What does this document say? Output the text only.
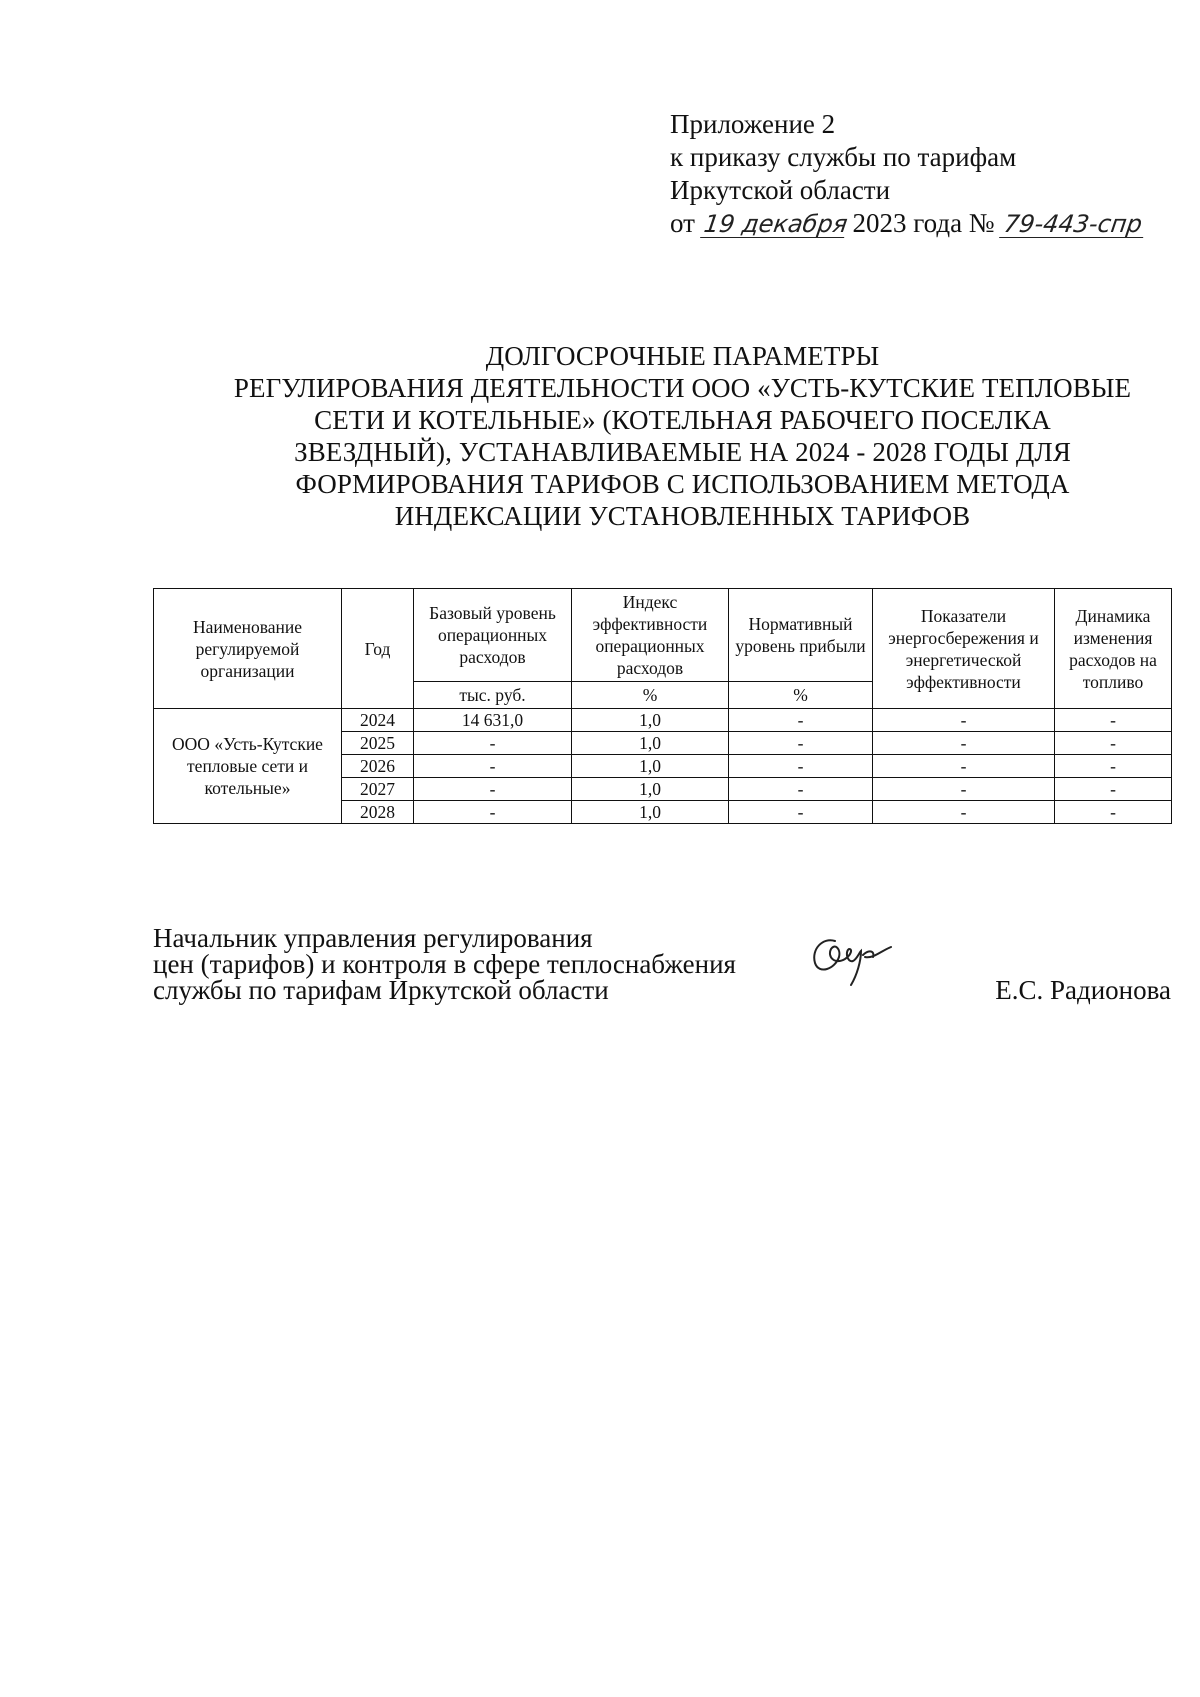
Приложение 2
к приказу службы по тарифам
Иркутской области
от 19 декабря 2023 года № 79-443-спр
ДОЛГОСРОЧНЫЕ ПАРАМЕТРЫ
РЕГУЛИРОВАНИЯ ДЕЯТЕЛЬНОСТИ ООО «УСТЬ-КУТСКИЕ ТЕПЛОВЫЕ
СЕТИ И КОТЕЛЬНЫЕ» (КОТЕЛЬНАЯ РАБОЧЕГО ПОСЕЛКА
ЗВЕЗДНЫЙ), УСТАНАВЛИВАЕМЫЕ НА 2024 - 2028 ГОДЫ ДЛЯ
ФОРМИРОВАНИЯ ТАРИФОВ С ИСПОЛЬЗОВАНИЕМ МЕТОДА
ИНДЕКСАЦИИ УСТАНОВЛЕННЫХ ТАРИФОВ
Наименование регулируемой организации	Год	Базовый уровень операционных расходов	Индекс эффективности операционных расходов	Нормативный уровень прибыли	Показатели энергосбережения и энергетической эффективности	Динамика изменения расходов на топливо
		тыс. руб.	%	%		
ООО «Усть-Кутские тепловые сети и котельные»	2024	14 631,0	1,0	-	-	-
	2025	-	1,0	-	-	-
	2026	-	1,0	-	-	-
	2027	-	1,0	-	-	-
	2028	-	1,0	-	-	-
Начальник управления регулирования
цен (тарифов) и контроля в сфере теплоснабжения
службы по тарифам Иркутской области	Е.С. Радионова
